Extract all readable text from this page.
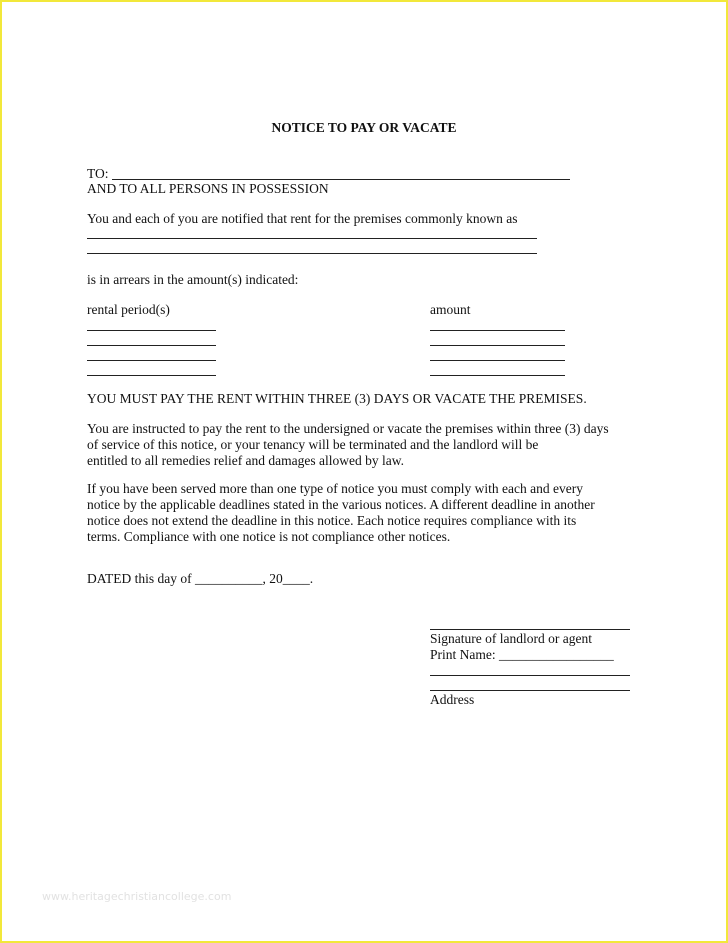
NOTICE TO PAY OR VACATE
TO:
AND TO ALL PERSONS IN POSSESSION
You and each of you are notified that rent for the premises commonly known as
is in arrears in the amount(s) indicated:
rental period(s)	amount
YOU MUST PAY THE RENT WITHIN THREE (3) DAYS OR VACATE THE PREMISES.
You are instructed to pay the rent to the undersigned or vacate the premises within three (3) days
of service of this notice, or your tenancy will be terminated and the landlord will be
entitled to all remedies relief and damages allowed by law.
If you have been served more than one type of notice you must comply with each and every
notice by the applicable deadlines stated in the various notices. A different deadline in another
notice does not extend the deadline in this notice. Each notice requires compliance with its
terms. Compliance with one notice is not compliance other notices.
DATED this day of __________, 20____.
Signature of landlord or agent
Print Name: _________________
Address
www.heritagechristiancollege.com
